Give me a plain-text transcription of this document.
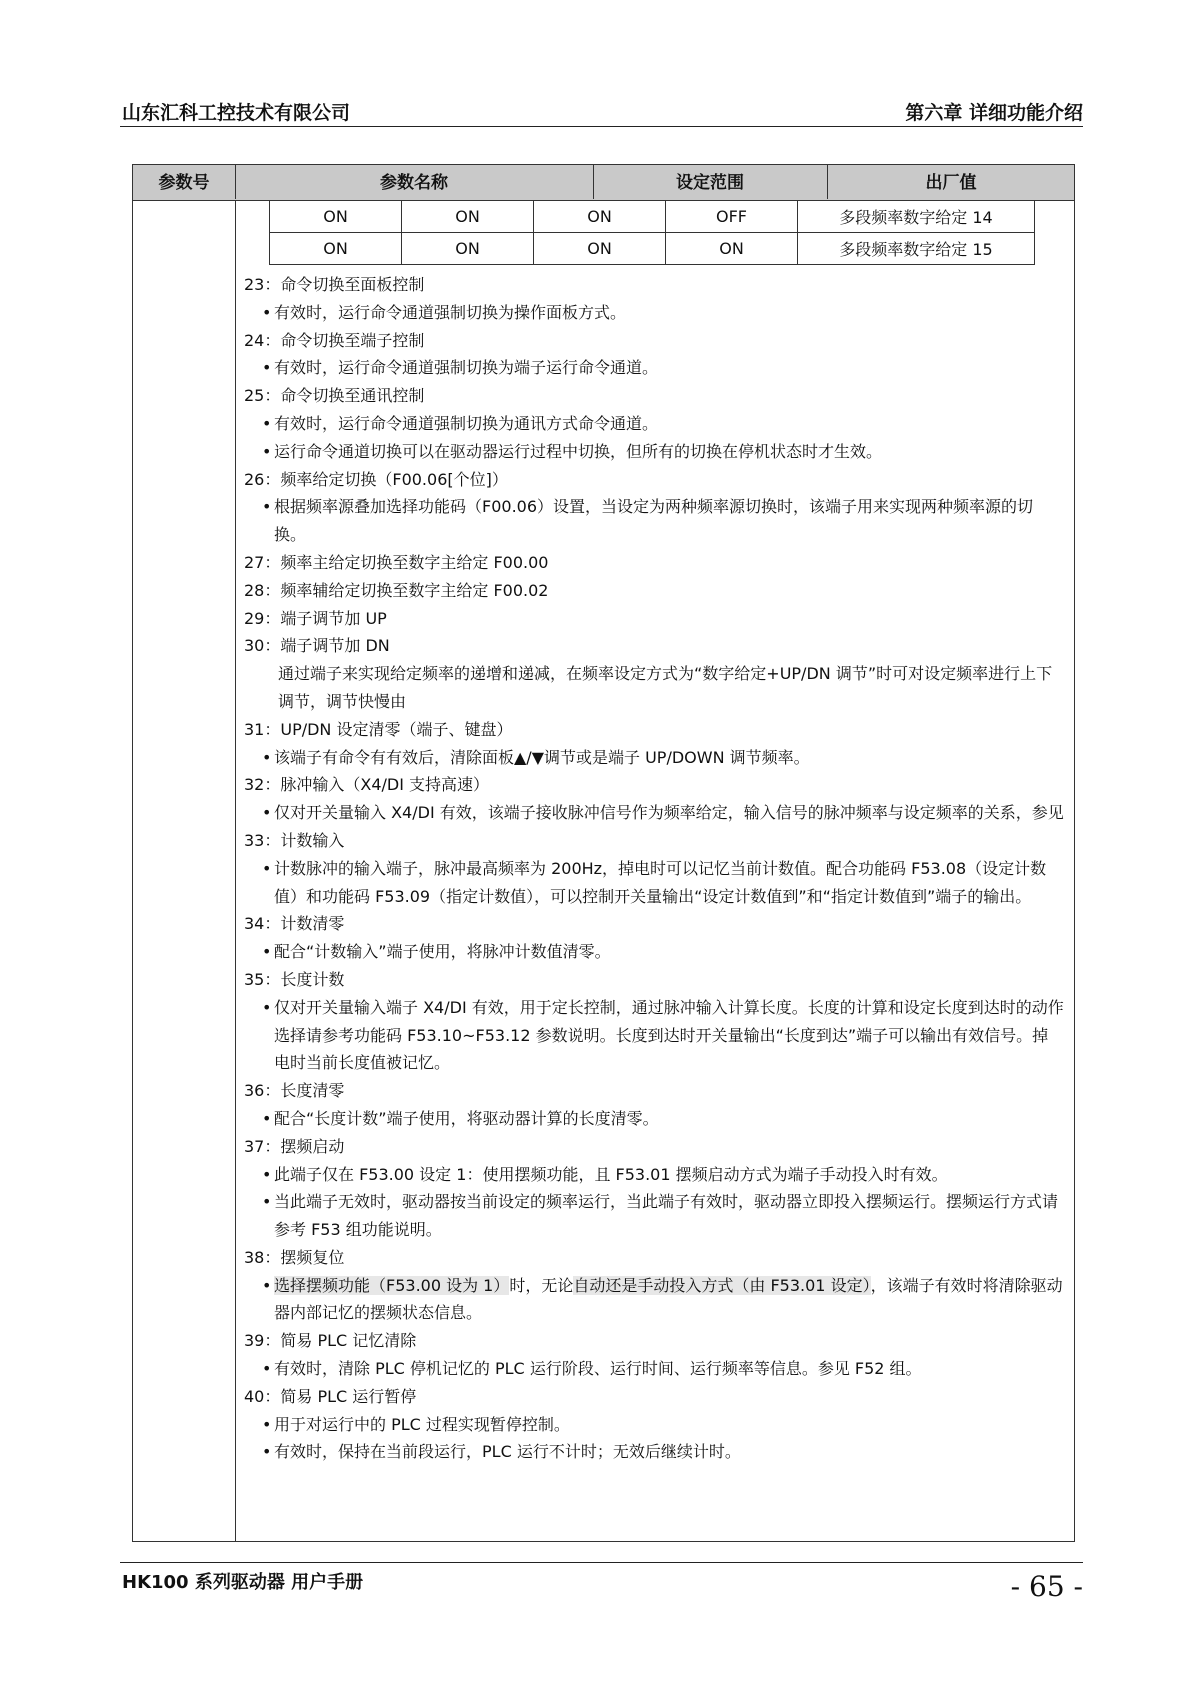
山东汇科工控技术有限公司	第六章 详细功能介绍
参数号	参数名称	设定范围	出厂值
ON	ON	ON	OFF	多段频率数字给定 14
ON	ON	ON	ON	多段频率数字给定 15
23：命令切换至面板控制
• 有效时，运行命令通道强制切换为操作面板方式。
24：命令切换至端子控制
• 有效时，运行命令通道强制切换为端子运行命令通道。
25：命令切换至通讯控制
• 有效时，运行命令通道强制切换为通讯方式命令通道。
• 运行命令通道切换可以在驱动器运行过程中切换，但所有的切换在停机状态时才生效。
26：频率给定切换（F00.06[个位]）
• 根据频率源叠加选择功能码（F00.06）设置，当设定为两种频率源切换时，该端子用来实现两种频率源的切换。
27：频率主给定切换至数字主给定 F00.00
28：频率辅给定切换至数字主给定 F00.02
29：端子调节加 UP
30：端子调节加 DN
通过端子来实现给定频率的递增和递减，在频率设定方式为“数字给定+UP/DN 调节”时可对设定频率进行上下调节，调节快慢由
31：UP/DN 设定清零（端子、键盘）
• 该端子有命令有有效后，清除面板▲/▼调节或是端子 UP/DOWN 调节频率。
32：脉冲输入（X4/DI 支持高速）
• 仅对开关量输入 X4/DI 有效，该端子接收脉冲信号作为频率给定，输入信号的脉冲频率与设定频率的关系，参见
33：计数输入
• 计数脉冲的输入端子，脉冲最高频率为 200Hz，掉电时可以记忆当前计数值。配合功能码 F53.08（设定计数值）和功能码 F53.09（指定计数值），可以控制开关量输出“设定计数值到”和“指定计数值到”端子的输出。
34：计数清零
• 配合“计数输入”端子使用，将脉冲计数值清零。
35：长度计数
• 仅对开关量输入端子 X4/DI 有效，用于定长控制，通过脉冲输入计算长度。长度的计算和设定长度到达时的动作选择请参考功能码 F53.10~F53.12 参数说明。长度到达时开关量输出“长度到达”端子可以输出有效信号。掉电时当前长度值被记忆。
36：长度清零
• 配合“长度计数”端子使用，将驱动器计算的长度清零。
37：摆频启动
• 此端子仅在 F53.00 设定 1：使用摆频功能，且 F53.01 摆频启动方式为端子手动投入时有效。
• 当此端子无效时，驱动器按当前设定的频率运行，当此端子有效时，驱动器立即投入摆频运行。摆频运行方式请参考 F53 组功能说明。
38：摆频复位
• 选择摆频功能（F53.00 设为 1）时，无论自动还是手动投入方式（由 F53.01 设定），该端子有效时将清除驱动器内部记忆的摆频状态信息。
39：简易 PLC 记忆清除
• 有效时，清除 PLC 停机记忆的 PLC 运行阶段、运行时间、运行频率等信息。参见 F52 组。
40：简易 PLC 运行暂停
• 用于对运行中的 PLC 过程实现暂停控制。
• 有效时，保持在当前段运行，PLC 运行不计时；无效后继续计时。
HK100 系列驱动器 用户手册	- 65 -
